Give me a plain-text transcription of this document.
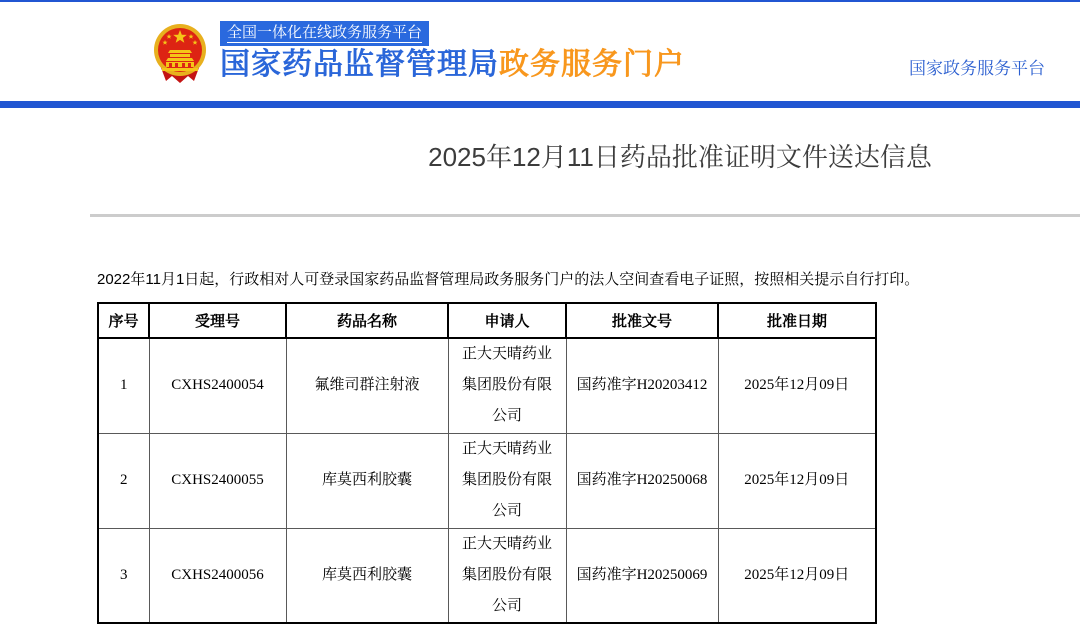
全国一体化在线政务服务平台
国家药品监督管理局政务服务门户	国家政务服务平台
2025年12月11日药品批准证明文件送达信息

2022年11月1日起，行政相对人可登录国家药品监督管理局政务服务门户的法人空间查看电子证照，按照相关提示自行打印。

序号	受理号	药品名称	申请人	批准文号	批准日期
1	CXHS2400054	氟维司群注射液	正大天晴药业集团股份有限公司	国药准字H20203412	2025年12月09日
2	CXHS2400055	库莫西利胶囊	正大天晴药业集团股份有限公司	国药准字H20250068	2025年12月09日
3	CXHS2400056	库莫西利胶囊	正大天晴药业集团股份有限公司	国药准字H20250069	2025年12月09日
